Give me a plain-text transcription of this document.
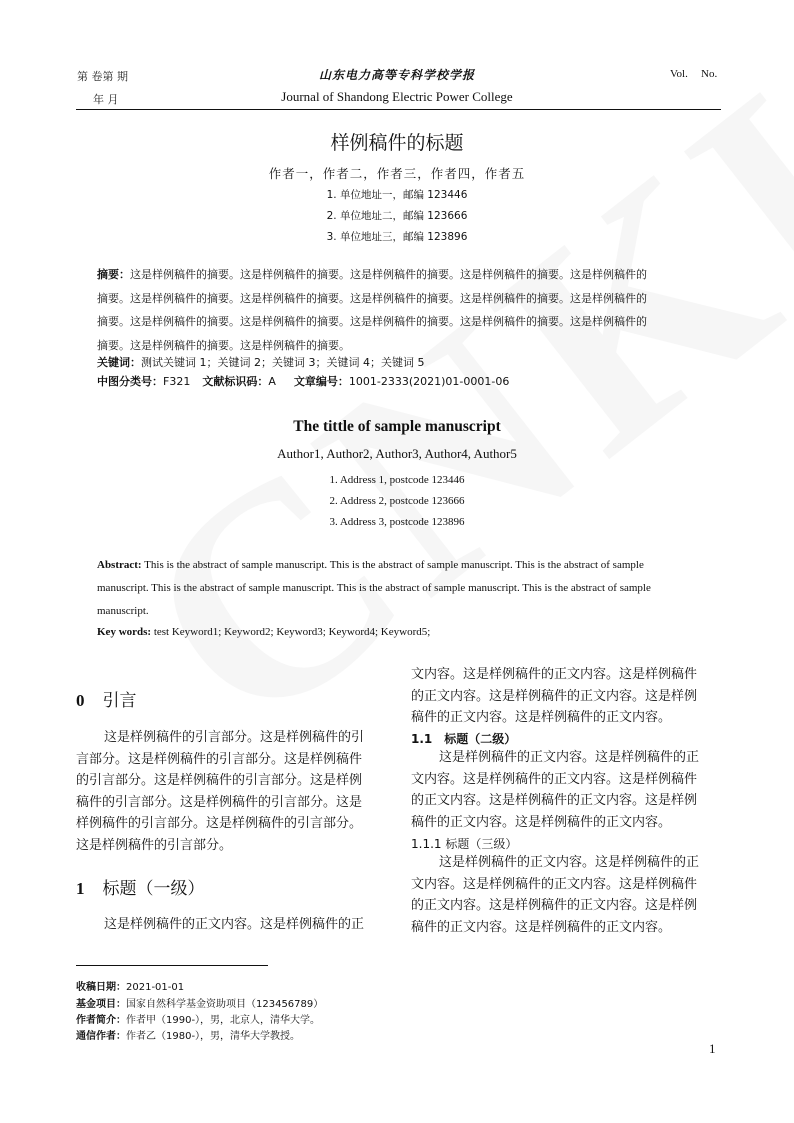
第 卷第 期
年 月
山东电力高等专科学校学报
Journal of Shandong Electric Power College
Vol. No.
样例稿件的标题
作者一，作者二，作者三，作者四，作者五
1. 单位地址一，邮编 123446
2. 单位地址二，邮编 123666
3. 单位地址三，邮编 123896
摘要：这是样例稿件的摘要。这是样例稿件的摘要。这是样例稿件的摘要。这是样例稿件的摘要。这是样例稿件的
摘要。这是样例稿件的摘要。这是样例稿件的摘要。这是样例稿件的摘要。这是样例稿件的摘要。这是样例稿件的
摘要。这是样例稿件的摘要。这是样例稿件的摘要。这是样例稿件的摘要。这是样例稿件的摘要。这是样例稿件的
摘要。这是样例稿件的摘要。这是样例稿件的摘要。
关键词：测试关键词 1；关键词 2；关键词 3；关键词 4；关键词 5
中图分类号：F321 文献标识码：A 文章编号：1001-2333(2021)01-0001-06
The tittle of sample manuscript
Author1, Author2, Author3, Author4, Author5
1. Address 1, postcode 123446
2. Address 2, postcode 123666
3. Address 3, postcode 123896
Abstract: This is the abstract of sample manuscript. This is the abstract of sample manuscript. This is the abstract of sample
manuscript. This is the abstract of sample manuscript. This is the abstract of sample manuscript. This is the abstract of sample
manuscript.
Key words: test Keyword1; Keyword2; Keyword3; Keyword4; Keyword5;
0 引言
这是样例稿件的引言部分。这是样例稿件的引
言部分。这是样例稿件的引言部分。这是样例稿件
的引言部分。这是样例稿件的引言部分。这是样例
稿件的引言部分。这是样例稿件的引言部分。这是
样例稿件的引言部分。这是样例稿件的引言部分。
这是样例稿件的引言部分。
1 标题（一级）
这是样例稿件的正文内容。这是样例稿件的正
文内容。这是样例稿件的正文内容。这是样例稿件
的正文内容。这是样例稿件的正文内容。这是样例
稿件的正文内容。这是样例稿件的正文内容。
1.1　标题（二级）
这是样例稿件的正文内容。这是样例稿件的正
文内容。这是样例稿件的正文内容。这是样例稿件
的正文内容。这是样例稿件的正文内容。这是样例
稿件的正文内容。这是样例稿件的正文内容。
1.1.1 标题（三级）
这是样例稿件的正文内容。这是样例稿件的正
文内容。这是样例稿件的正文内容。这是样例稿件
的正文内容。这是样例稿件的正文内容。这是样例
稿件的正文内容。这是样例稿件的正文内容。
收稿日期：2021-01-01
基金项目：国家自然科学基金资助项目（123456789）
作者简介：作者甲（1990-），男，北京人，清华大学。
通信作者：作者乙（1980-），男，清华大学教授。
1
